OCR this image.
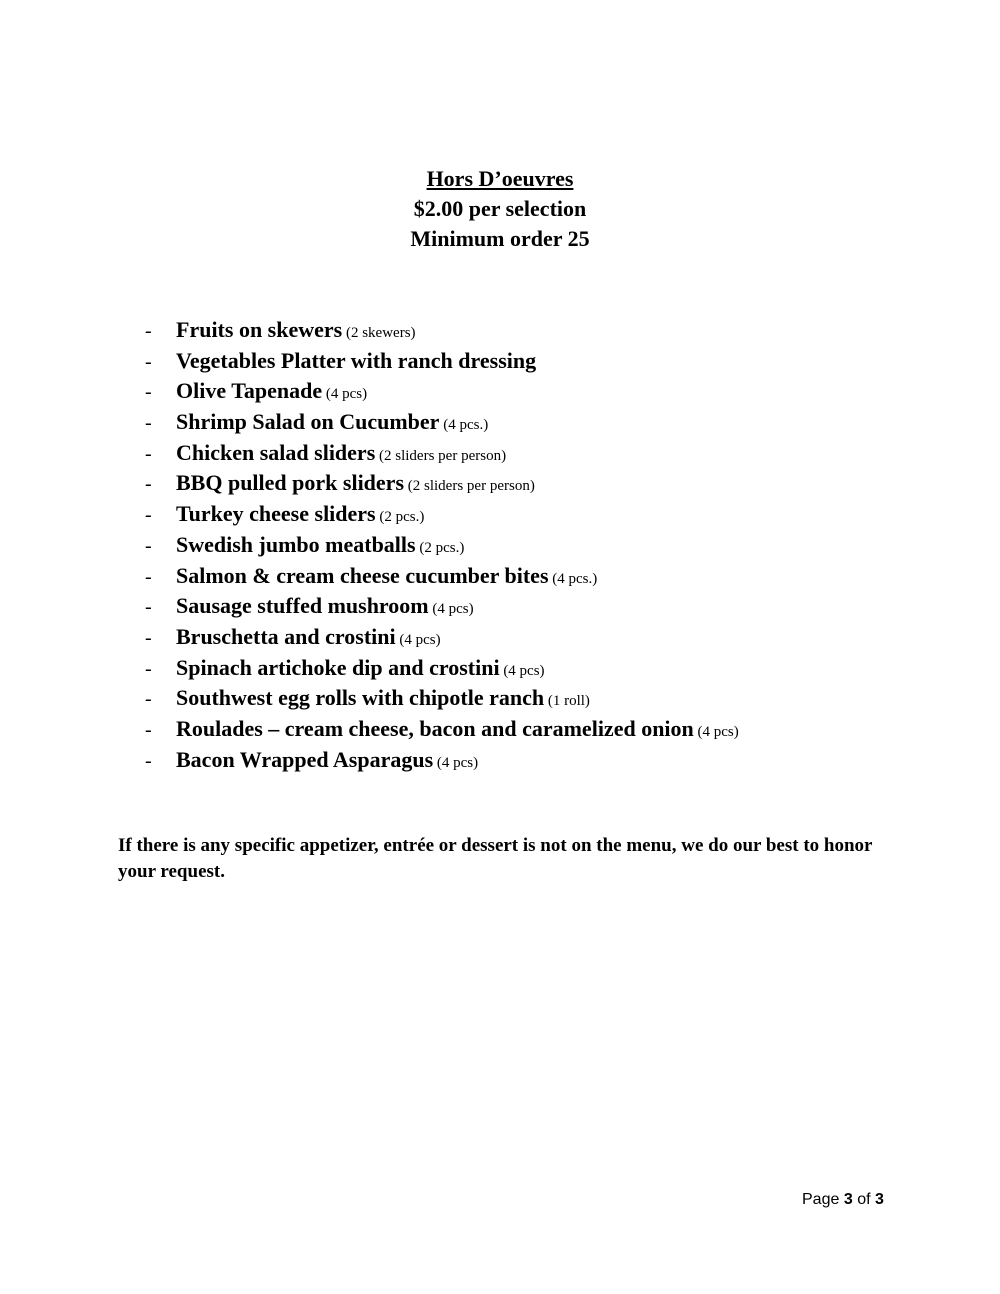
Hors D’oeuvres
$2.00 per selection
Minimum order 25
- Fruits on skewers (2 skewers)
- Vegetables Platter with ranch dressing
- Olive Tapenade (4 pcs)
- Shrimp Salad on Cucumber (4 pcs.)
- Chicken salad sliders (2 sliders per person)
- BBQ pulled pork sliders (2 sliders per person)
- Turkey cheese sliders (2 pcs.)
- Swedish jumbo meatballs (2 pcs.)
- Salmon & cream cheese cucumber bites (4 pcs.)
- Sausage stuffed mushroom (4 pcs)
- Bruschetta and crostini (4 pcs)
- Spinach artichoke dip and crostini (4 pcs)
- Southwest egg rolls with chipotle ranch (1 roll)
- Roulades – cream cheese, bacon and caramelized onion (4 pcs)
- Bacon Wrapped Asparagus (4 pcs)
If there is any specific appetizer, entrée or dessert is not on the menu, we do our best to honor your request.
Page 3 of 3
